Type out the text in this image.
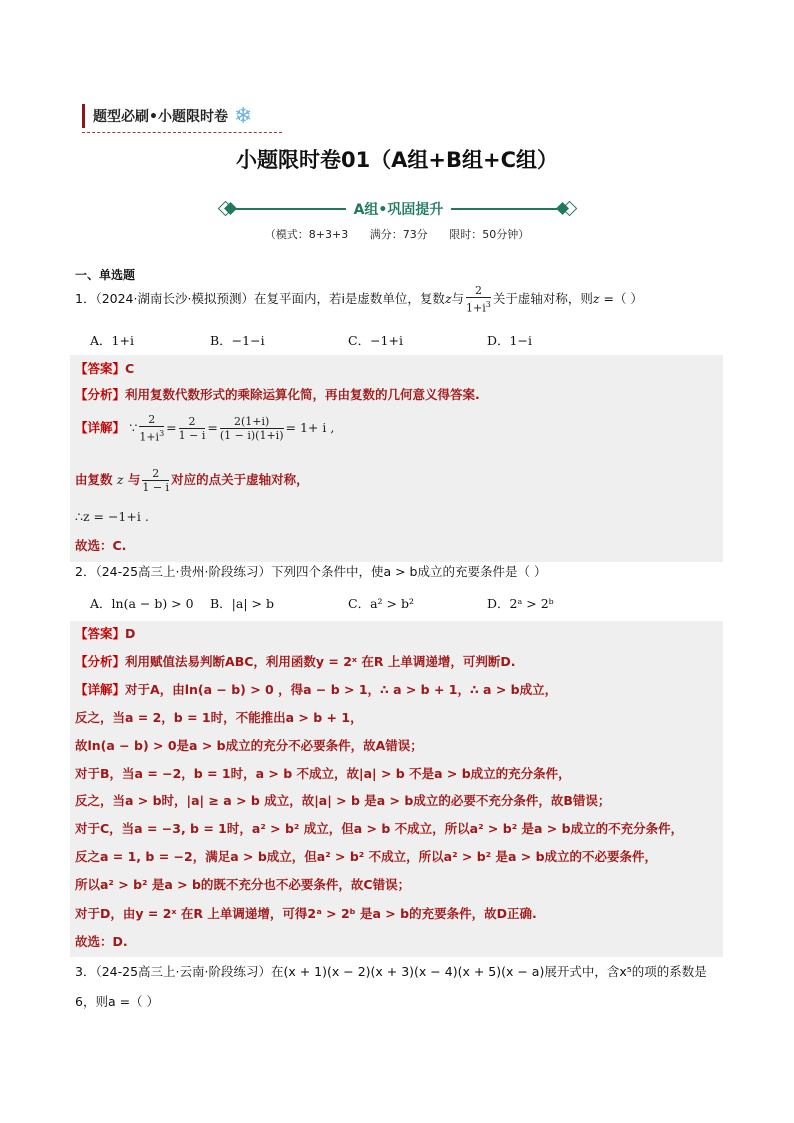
题型必刷•小题限时卷 ❄
小题限时卷01（A组+B组+C组）
A组•巩固提升
（模式：8+3+3 满分：73分 限时：50分钟）
一、单选题
1．（2024·湖南长沙·模拟预测）在复平面内，若i是虚数单位，复数z与 $\frac{2}{1+i^3}$ 关于虚轴对称，则z =（ ）
A．1+i	B．−1−i	C．−1+i	D．1−i
【答案】C
【分析】利用复数代数形式的乘除运算化简，再由复数的几何意义得答案.
【详解】 ∵ $\frac{2}{1+i^3} = \frac{2}{1 - i} = \frac{2(1+i)}{(1 - i)(1+i)} = 1+ i$ ,
由复数 z 与 $\frac{2}{1 - i}$ 对应的点关于虚轴对称，
∴z = −1+i .
故选：C.
2．（24-25高三上·贵州·阶段练习）下列四个条件中，使a > b成立的充要条件是（ ）
A．ln(a − b) > 0 B．|a| > b	C．a² > b²	D．2ᵃ > 2ᵇ
【答案】D
【分析】利用赋值法易判断ABC，利用函数y = 2ˣ 在R 上单调递增，可判断D.
【详解】对于A，由ln(a − b) > 0 ，得a − b > 1，∴ a > b + 1，∴ a > b成立，
反之，当a = 2，b = 1时，不能推出a > b + 1，
故ln(a − b) > 0是a > b成立的充分不必要条件，故A错误；
对于B，当a = −2，b = 1时，a > b 不成立，故|a| > b 不是a > b成立的充分条件，
反之，当a > b时，|a| ≥ a > b 成立，故|a| > b 是a > b成立的必要不充分条件，故B错误；
对于C，当a = −3, b = 1时，a² > b² 成立，但a > b 不成立，所以a² > b² 是a > b成立的不充分条件，
反之a = 1, b = −2，满足a > b成立，但a² > b² 不成立，所以a² > b² 是a > b成立的不必要条件，
所以a² > b² 是a > b的既不充分也不必要条件，故C错误；
对于D，由y = 2ˣ 在R 上单调递增，可得2ᵃ > 2ᵇ 是a > b的充要条件，故D正确.
故选：D.
3．（24-25高三上·云南·阶段练习）在(x + 1)(x − 2)(x + 3)(x − 4)(x + 5)(x − a)展开式中，含x⁵的项的系数是
6，则a =（ ）
